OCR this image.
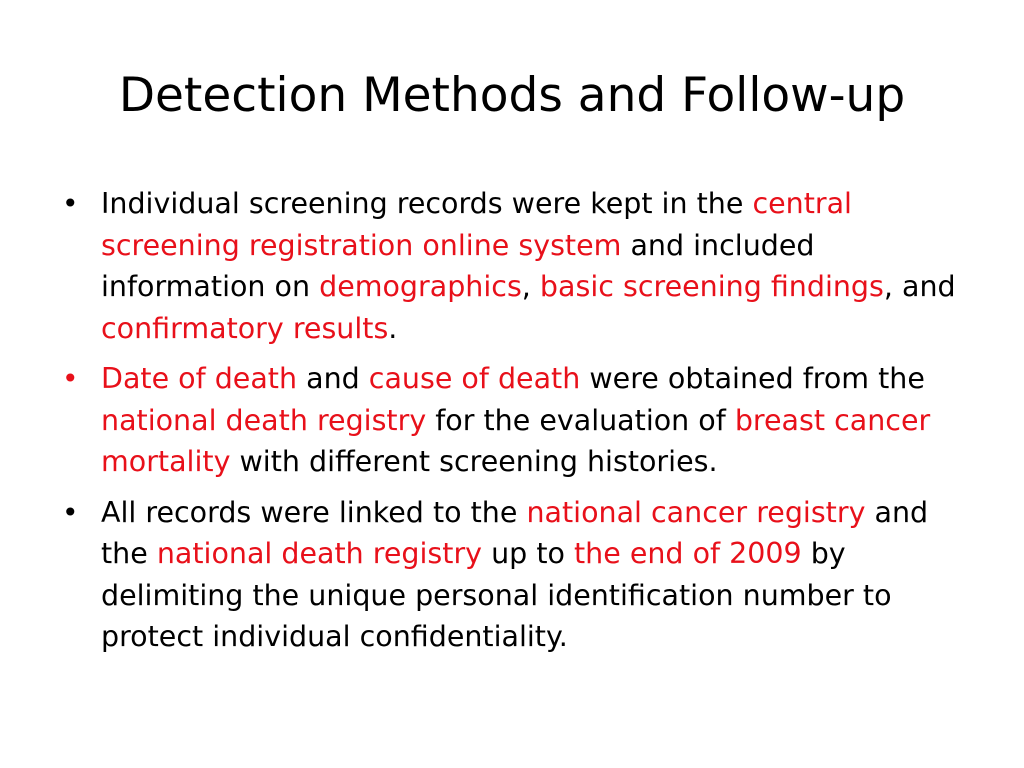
Detection Methods and Follow-up
• Individual screening records were kept in the central screening registration online system and included information on demographics, basic screening findings, and confirmatory results.
• Date of death and cause of death were obtained from the national death registry for the evaluation of breast cancer mortality with different screening histories.
• All records were linked to the national cancer registry and the national death registry up to the end of 2009 by delimiting the unique personal identification number to protect individual confidentiality.
